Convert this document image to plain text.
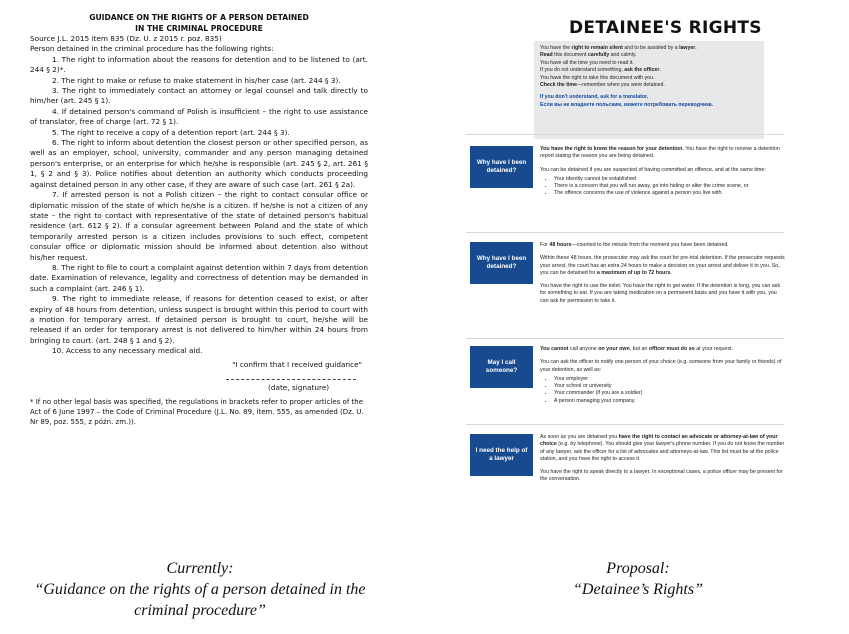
GUIDANCE ON THE RIGHTS OF A PERSON DETAINED
IN THE CRIMINAL PROCEDURE

Source J.L. 2015 item 835 (Dz. U. z 2015 r. poz. 835)

Person detained in the criminal procedure has the following rights:

1. The right to information about the reasons for detention and to be listened to (art. 244 § 2)*.

2. The right to make or refuse to make statement in his/her case (art. 244 § 3).

3. The right to immediately contact an attorney or legal counsel and talk directly to him/her (art. 245 § 1).

4. If detained person's command of Polish is insufficient – the right to use assistance of translator, free of charge (art. 72 § 1).

5. The right to receive a copy of a detention report (art. 244 § 3).

6. The right to inform about detention the closest person or other specified person, as well as an employer, school, university, commander and any person managing detained person's enterprise, or an enterprise for which he/she is responsible (art. 245 § 2, art. 261 § 1, § 2 and § 3). Police notifies about detention an authority which conducts proceeding against detained person in any other case, if they are aware of such case (art. 261 § 2a).

7. If arrested person is not a Polish citizen – the right to contact consular office or diplomatic mission of the state of which he/she is a citizen. If he/she is not a citizen of any state – the right to contact with representative of the state of detained person's habitual residence (art. 612 § 2). If a consular agreement between Poland and the state of which temporarily arrested person is a citizen includes provisions to such effect, competent consular office or diplomatic mission should be informed about detention also without his/her request.

8. The right to file to court a complaint against detention within 7 days from detention date. Examination of relevance, legality and correctness of detention may be demanded in such a complaint (art. 246 § 1).

9. The right to immediate release, if reasons for detention ceased to exist, or after expiry of 48 hours from detention, unless suspect is brought within this period to court with a motion for temporary arrest. If detained person is brought to court, he/she will be released if an order for temporary arrest is not delivered to him/her within 24 hours from bringing to court. (art. 248 § 1 and § 2).

10. Access to any necessary medical aid.

"I confirm that I received guidance"
(date, signature)
* If no other legal basis was specified, the regulations in brackets refer to proper articles of the Act of 6 June 1997 – the Code of Criminal Procedure (J.L. No. 89, item. 555, as amended (Dz. U. Nr 89, poz. 555, z późn. zm.)).
DETAINEE'S RIGHTS
You have the right to remain silent and to be assisted by a lawyer.
Read this document carefully and calmly.
You have all the time you need to read it.
If you do not understand something, ask the officer.
You have the right to take this document with you.
Check the time—remember when you were detained.
If you don't understand, ask for a translator.
Если вы не владеете польским, можете потребовать переводчика.
Why have I been detained?

You have the right to know the reason for your detention. You have the right to receive a detention report stating the reason you are being detained.

You can be detained if you are suspected of having committed an offence, and at the same time:

• Your identity cannot be established
• There is a concern that you will run away, go into hiding or alter the crime scene, or
• The offence concerns the use of violence against a person you live with.
Why have I been detained?

For 48 hours—counted to the minute from the moment you have been detained.

Within these 48 hours, the prosecutor may ask the court for pre-trial detention. If the prosecutor requests your arrest, the court has an extra 24 hours to make a decision on your arrest and deliver it to you. So, you can be detained for a maximum of up to 72 hours.

You have the right to use the toilet. You have the right to get water. If the detention is long, you can ask for something to eat. If you are taking medication on a permanent basis and you have it with you, you can ask for permission to take it.

May I call someone?

You cannot call anyone on your own, but an officer must do so at your request.

You can ask the officer to notify one person of your choice (e.g. someone from your family or friends) of your detention, as well as:

• Your employer
• Your school or university
• Your commander (if you are a soldier)
• A person managing your company.
I need the help of a lawyer

As soon as you are detained you have the right to contact an advocate or attorney-at-law of your choice (e.g. by telephone). You should give your lawyer's phone number. If you do not know the number of any lawyer, ask the officer for a list of advocates and attorneys-at-law. This list must be at the police station, and you have the right to access it.

You have the right to speak directly to a lawyer. In exceptional cases, a police officer may be present for the conversation.

Currently:
“Guidance on the rights of a person detained in the
criminal procedure”
Proposal:
“Detainee’s Rights”
